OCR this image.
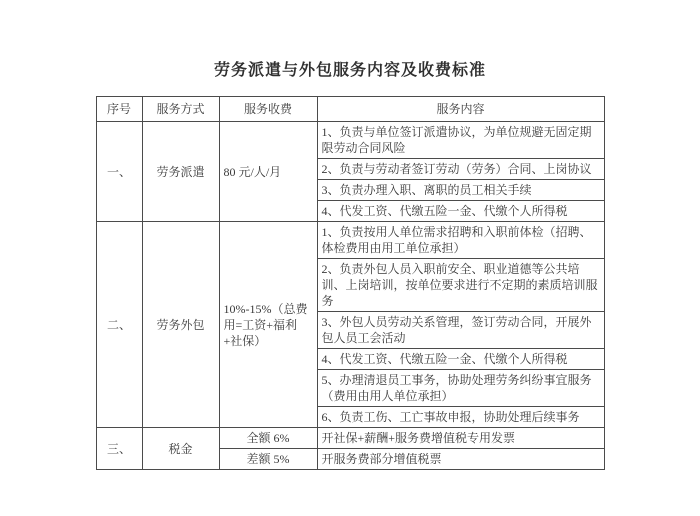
劳务派遣与外包服务内容及收费标准
序号	服务方式	服务收费	服务内容
一、	劳务派遣	80 元/人/月	1、负责与单位签订派遣协议，为单位规避无固定期限劳动合同风险
			2、负责与劳动者签订劳动（劳务）合同、上岗协议
			3、负责办理入职、离职的员工相关手续
			4、代发工资、代缴五险一金、代缴个人所得税
二、	劳务外包	10%-15%（总费用=工资+福利+社保）	1、负责按用人单位需求招聘和入职前体检（招聘、体检费用由用工单位承担）
			2、负责外包人员入职前安全、职业道德等公共培训、上岗培训，按单位要求进行不定期的素质培训服务
			3、外包人员劳动关系管理，签订劳动合同，开展外包人员工会活动
			4、代发工资、代缴五险一金、代缴个人所得税
			5、办理清退员工事务，协助处理劳务纠纷事宜服务（费用由用人单位承担）
			6、负责工伤、工亡事故申报，协助处理后续事务
三、	税金	全额 6%	开社保+薪酬+服务费增值税专用发票
		差额 5%	开服务费部分增值税票
